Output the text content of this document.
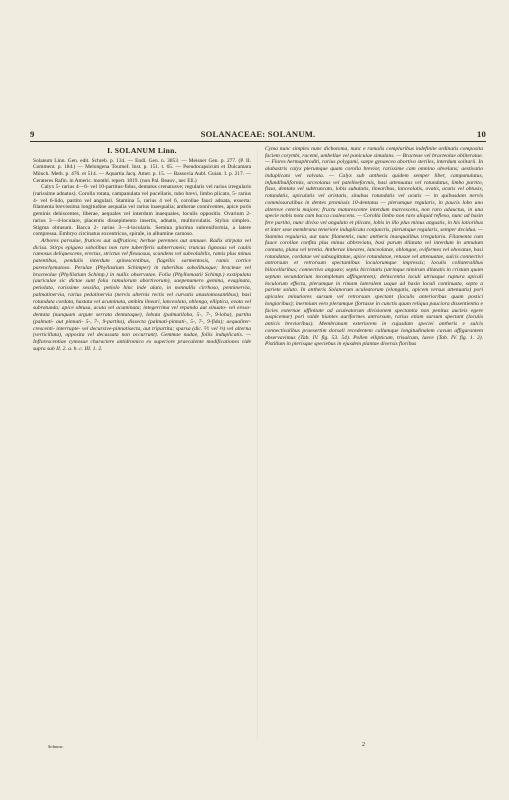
9	SOLANACEAE: SOLANUM.	10
I. SOLANUM Linn.

Solanum Linn. Gen. edit. Schreb. p. 134. — Endl. Gen. n. 3853. — Meisner Gen. p. 277. (P. II. Comment. p. 184.) — Melongena Tournef. Inst. p. 151. t. 65. — Pseudocapsicum et Dulcamara Mönch. Meth. p. 476. et 514. — Aquartia Jacq. Amer. p. 15. — Bassovia Aubl. Guian. I. p. 217. — Cerateres Rafin. in Americ. monthl. repert. 1819. (non Pal. Beauv., nec Ell.)

Calyx 5- rarius 4—6- vel 10-partitus-fidus, dentatus crenatusve; regularis vel rarius irregularis (rarissime adnatus). Corolla rotata, campanulata vel pucellaris, tubo brevi, limbo plicato, 5- rarius 4- vel 6-lido, partito vel angulari. Stamina 5, rarius 4 vel 6, corollae fauci adnata, exserta: filamenta brevissima longitudine aequalia vel rarius inaequalia; antherae conniventes, apice poris geminis dehiscentes, liberae, aequales vel interdum inaequales, loculis oppositis. Ovarium 2- rarius 3—4-loculare, placentis dissepimento insertis, adnatis, multiovulatis. Stylus simplex. Stigma obtusum. Bacca 2- rarius 3—4-locularis. Semina plurima subreniformia, a latere compressa. Embryo circinatus excentricus, spirale, in albumine carnoso.

Arbores parvulae, frutices aut suffrutices; herbae perennes aut annuae. Radix stirpata vel dicisa. Stirps epigaea sobolibus non rare tuberiferis subterraneis; truncus lignosus vel caulis ramosus deliquescens, erectus, strictus vel flexuosus, scandens vel subvolubilis, ramis plus minus patentibus, pendulis interdum spinescentibus, flagellis sarmentosis, ramis cortice parenchymatoso. Perulae (Phyllastium Schimper) in tuberibus sobolibusque; bracteae vel bracteolae (Phyllistium Schimp.) in nullis observatae. Folia (Phyllomastii Schimp.) exstipulata (auriculae sic dictae sunt folia ramulorum abortivorum), saepenumero gemina, evaginata, petiolata, rarissime sessilia, petiolo hinc inde alato, in nonnullis cirrhoso, penninervia, palmatinervia, rarius pedatinervia (nervis alternis rectis vel curvatis anastomosantibus), basi rotundata cordata, hastata vel acuminata, ambitu lineari, lanceolata, oblonga, elliptica, ovata vel subrotunda; apice obtusa, acuta vel acuminata; integerrima vel repanda aut sinuato- vel eroso-dentata (nunquam argute serrata dentataque), lobata (palmatiloba, 5-, 7-, 9-loba), partita (palmati- aut pinnati- 5-, 7-, 9-partita), dissecta (palmati-pinnati-, 5-, 7-, 9-fida); aequaliter-crescenti- interrupte- vel decursive-pinnatisecta, aut tripartita; sparsa (dic. ⅖ vel ⅓) vel alterna (verticillata), opposita vel decussata non occurrunt). Gemmae nudae, foliis induplicatis. — Inflorescentiae cymosae charactere antidromico ex superiore praecalente modificationes vide supra sub II. 2. a. b. c. III. 1. 2.

Cyma nunc simplex nunc dichotoma, nunc e ramulis compluribus indefinite ordinatis composita faciem corymbi, racemi, umbellae vel paniculae simulans. — Bracteae vel bracteolae obliteratae. — Flores hermaphroditi, rarius polygami, saepe gynaeceo abortivo steriles, interdum solitarii. In alabastris calyx plerumque quam corolla brevior, rarissime cam omnino obvelans; aestivatio induplicato vel valvata. — Calyx sub anthesis quidem semper liber, campanulatus, infundibuliformis, urceolatus vel patelloeformis, basi attenuatus vel rotundatus, limbo partito, fisso, dentato vel subtruncato, lobis subulatis, linearibus, lanceolatis, ovatis, acutis vel obtusis, rotundatis, apiculatis vel aristatis, sinubus rotundatis vel acutis — in quibusdam nervis commissuralibus in dentes promissis 10-dentatus — plerumque regularis, in paucis lobo uno alterove ceteris majore; fructu maturescente interdum marcescens, non raro adauctus, in una specie nobis nota cum bacca coalescens. — Corolla limbo non raro aliquid reflexo, nunc ad basin fere partito, nunc diviso vel angulato et plicato, lobis in illo plus minus angustis, in his latioribus et inter sese membrana teneriore induplicata conjunctis, plerumque regularis, semper decidua. — Stamina regularia, aut nunc filamentis, nunc antheris inaequalibus irregularia. Filamenta cum fauce corollae confita plus minus abbreviata, basi parum dilatata vel interdum in annulum connata, plana vel teretia. Antherae lineares, lanceolatae, oblongae, oviformes vel obovatae, basi rotundatae, cordatae vel subsagittatae, apice rotundatae, retusae vel attenuatae, sulcis connectivi antrorsum et retrorsum spectantibus loculorumque impressis; loculis collateralibus bilocellaribus; connectivo angusto; septis bicristatis (utrinque nimirum dilatatis in cristam quam septum secundarium incompletum affingentem); dehiscentia loculi utriusque ruptura apicali loculorum effecta, plerumque in rimam lateralem usque ad basin loculi continuata, septo a pariete soluto. In antheris Solanorum aculeatorum (elongatis, apicem versus attenuatis) pori apicales minutiores sursum vel retrorsum spectant (loculis anterioribus quam postici longioribus); inermium vero plerumque (fortasse in cunctis quum reliqua pauciora dissentientia e facies externae affinitate ad aculeatorum divisionem spectantia non penitus aucleis egere suspicemur) pori valde hiantes auriformes antrorsum, rarius etiam sursum spectant (loculis anticis brevioribus). Membranam exteriorem in cujusdam speciei antheris e sulcis connectivalibus praesertim dorsali recedentem callumque longitudinalem cavum affigurantem observavimus (Tab. IV. fig. 53. 54). Pollen ellipticum, trisulcum, laeve (Tab. IV. fig. 1. 2). Pistillum in plerisque speciebus in ejusdem plantae diversis floribus

Solanac.	2
